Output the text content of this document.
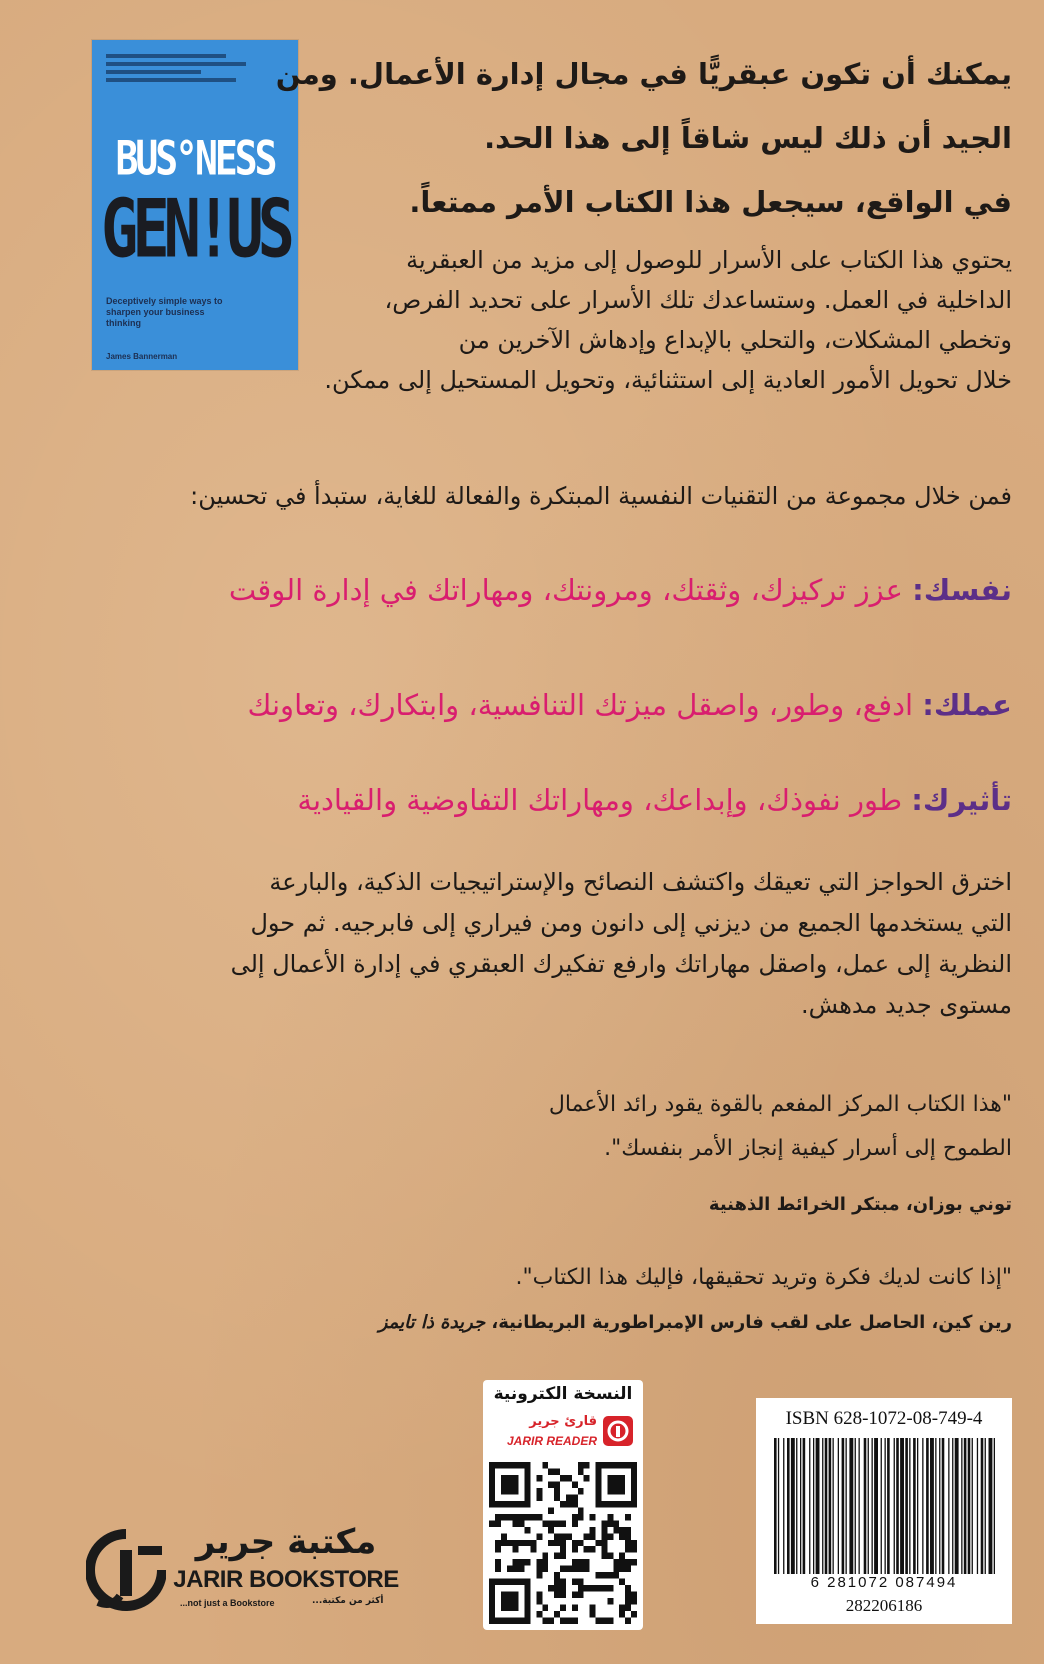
BUS°NESS
GEN!US
Deceptively simple ways to sharpen your business thinking
James Bannerman

يمكنك أن تكون عبقريًّا في مجال إدارة الأعمال. ومن

الجيد أن ذلك ليس شاقاً إلى هذا الحد.

في الواقع، سيجعل هذا الكتاب الأمر ممتعاً.

يحتوي هذا الكتاب على الأسرار للوصول إلى مزيد من العبقرية
الداخلية في العمل. وستساعدك تلك الأسرار على تحديد الفرص،
وتخطي المشكلات، والتحلي بالإبداع وإدهاش الآخرين من
خلال تحويل الأمور العادية إلى استثنائية، وتحويل المستحيل إلى ممكن.

فمن خلال مجموعة من التقنيات النفسية المبتكرة والفعالة للغاية، ستبدأ في تحسين:

نفسك: عزز تركيزك، وثقتك، ومرونتك، ومهاراتك في إدارة الوقت

عملك: ادفع، وطور، واصقل ميزتك التنافسية، وابتكارك، وتعاونك

تأثيرك: طور نفوذك، وإبداعك، ومهاراتك التفاوضية والقيادية

اخترق الحواجز التي تعيقك واكتشف النصائح والإستراتيجيات الذكية، والبارعة
التي يستخدمها الجميع من ديزني إلى دانون ومن فيراري إلى فابرجيه. ثم حول
النظرية إلى عمل، واصقل مهاراتك وارفع تفكيرك العبقري في إدارة الأعمال إلى
مستوى جديد مدهش.

"هذا الكتاب المركز المفعم بالقوة يقود رائد الأعمال
الطموح إلى أسرار كيفية إنجاز الأمر بنفسك".
توني بوزان، مبتكر الخرائط الذهنية
"إذا كانت لديك فكرة وتريد تحقيقها، فإليك هذا الكتاب".
رين كين، الحاصل على لقب فارس الإمبراطورية البريطانية، جريدة ذا تايمز
ISBN 628-1072-08-749-4
6 281072 087494
282206186
النسخة الكترونية
قارئ جرير
JARIR READER
مكتبة جرير
JARIR BOOKSTORE
...not just a Bookstore	...أكثر من مكتبة
